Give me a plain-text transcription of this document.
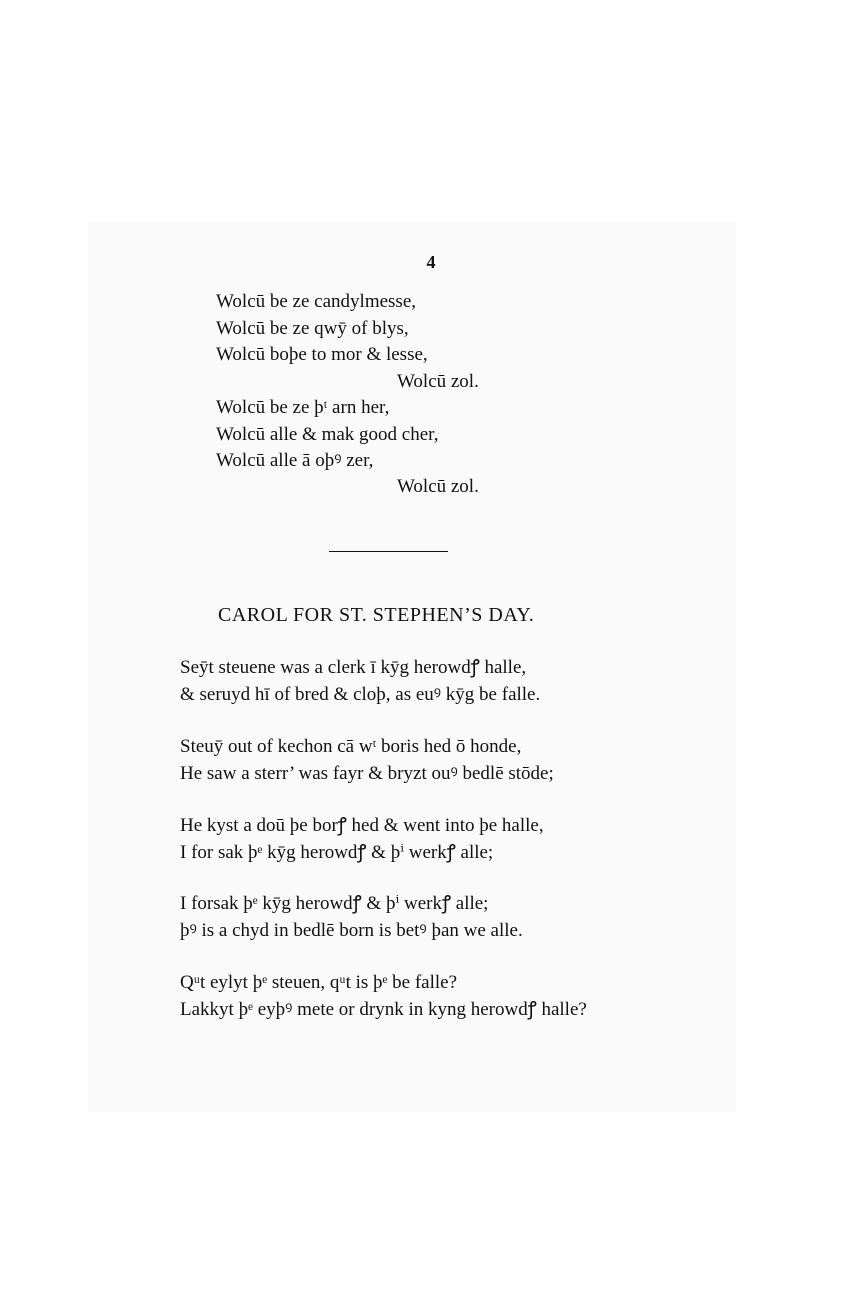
4
Wolcū be ze candylmesse,
Wolcū be ze qwȳ of blys,
Wolcū boþe to mor & lesse,
Wolcū zol.
Wolcū be ze þᵗ arn her,
Wolcū alle & mak good cher,
Wolcū alle ā oþꝰ zer,
Wolcū zol.
CAROL FOR ST. STEPHEN’S DAY.
Seȳt steuene was a clerk ī kȳg herowdꝭ halle,
& seruyd hī of bred & cloþ, as euꝰ kȳg be falle.
Steuȳ out of kechon cā wᵗ boris hed ō honde,
He saw a sterr’ was fayr & bryzt ouꝰ bedlē stōde;
He kyst a doū þe borꝭ hed & went into þe halle,
I for sak þᵉ kȳg herowdꝭ & þⁱ werkꝭ alle;
I forsak þᵉ kȳg herowdꝭ & þⁱ werkꝭ alle;
þꝰ is a chyd in bedlē born is betꝰ þan we alle.
Qᵘt eylyt þᵉ steuen, qᵘt is þᵉ be falle?
Lakkyt þᵉ eyþꝰ mete or drynk in kyng herowdꝭ halle?
